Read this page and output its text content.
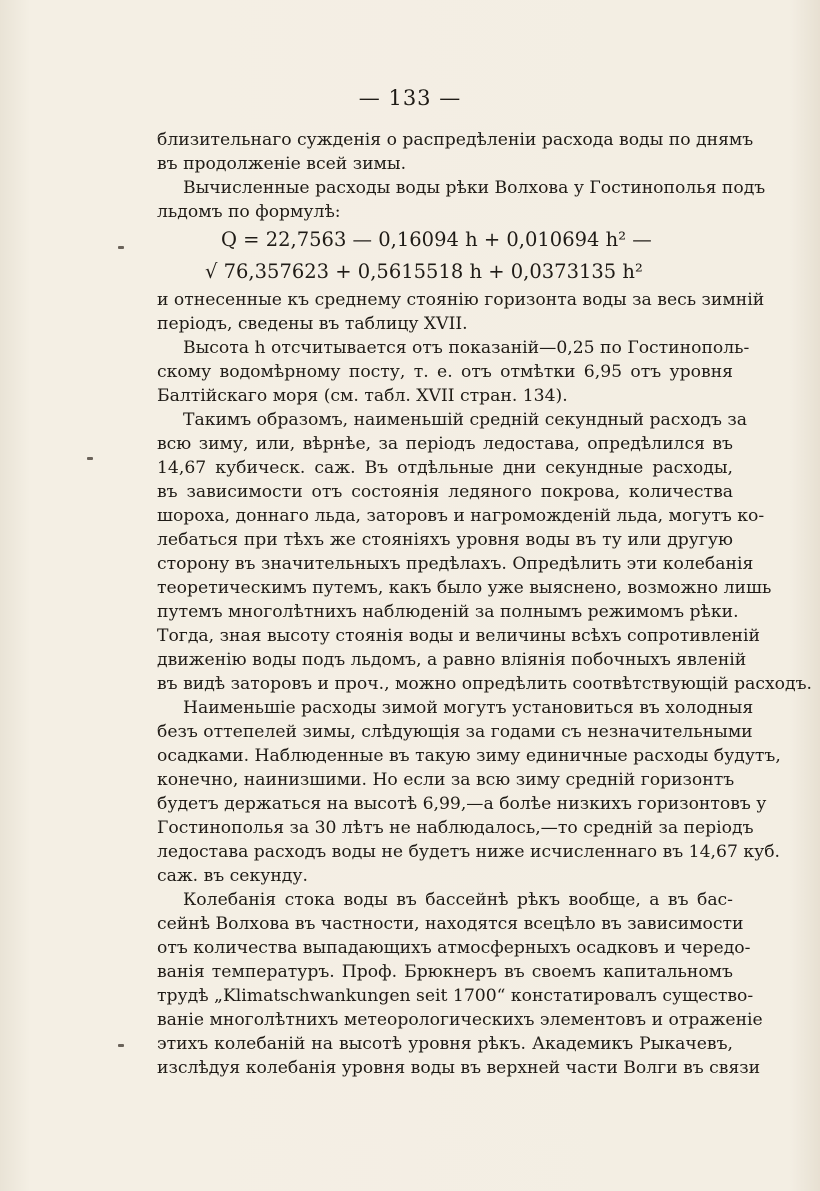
— 133 —
близительнаго сужденія о распредѣленіи расхода воды по днямъ
въ продолженіе всей зимы.
Вычисленные расходы воды рѣки Волхова у Гостинополья подъ
льдомъ по формулѣ:
Q = 22,7563 — 0,16094 h + 0,010694 h² —
√ 76,357623 + 0,5615518 h + 0,0373135 h²
и отнесенные къ среднему стоянію горизонта воды за весь зимній
періодъ, сведены въ таблицу XVII.
Высота h отсчитывается отъ показаній—0,25 по Гостинополь-
скому водомѣрному посту, т. е. отъ отмѣтки 6,95 отъ уровня
Балтійскаго моря (см. табл. XVII стран. 134).
Такимъ образомъ, наименьшій средній секундный расходъ за
всю зиму, или, вѣрнѣе, за періодъ ледостава, опредѣлился въ
14,67 кубическ. саж. Въ отдѣльные дни секундные расходы,
въ зависимости отъ состоянія ледяного покрова, количества
шороха, доннаго льда, заторовъ и нагроможденій льда, могутъ ко-
лебаться при тѣхъ же стояніяхъ уровня воды въ ту или другую
сторону въ значительныхъ предѣлахъ. Опредѣлить эти колебанія
теоретическимъ путемъ, какъ было уже выяснено, возможно лишь
путемъ многолѣтнихъ наблюденій за полнымъ режимомъ рѣки.
Тогда, зная высоту стоянія воды и величины всѣхъ сопротивленій
движенію воды подъ льдомъ, а равно вліянія побочныхъ явленій
въ видѣ заторовъ и проч., можно опредѣлить соотвѣтствующій расходъ.
Наименьшіе расходы зимой могутъ установиться въ холодныя
безъ оттепелей зимы, слѣдующія за годами съ незначительными
осадками. Наблюденные въ такую зиму единичные расходы будутъ,
конечно, наинизшими. Но если за всю зиму средній горизонтъ
будетъ держаться на высотѣ 6,99,—а болѣе низкихъ горизонтовъ у
Гостинополья за 30 лѣтъ не наблюдалось,—то средній за періодъ
ледостава расходъ воды не будетъ ниже исчисленнаго въ 14,67 куб.
саж. въ секунду.
Колебанія стока воды въ бассейнѣ рѣкъ вообще, а въ бас-
сейнѣ Волхова въ частности, находятся всецѣло въ зависимости
отъ количества выпадающихъ атмосферныхъ осадковъ и чередо-
ванія температуръ. Проф. Брюкнеръ въ своемъ капитальномъ
трудѣ „Klimatschwankungen seit 1700“ констатировалъ существо-
ваніе многолѣтнихъ метеорологическихъ элементовъ и отраженіе
этихъ колебаній на высотѣ уровня рѣкъ. Академикъ Рыкачевъ,
изслѣдуя колебанія уровня воды въ верхней части Волги въ связи
